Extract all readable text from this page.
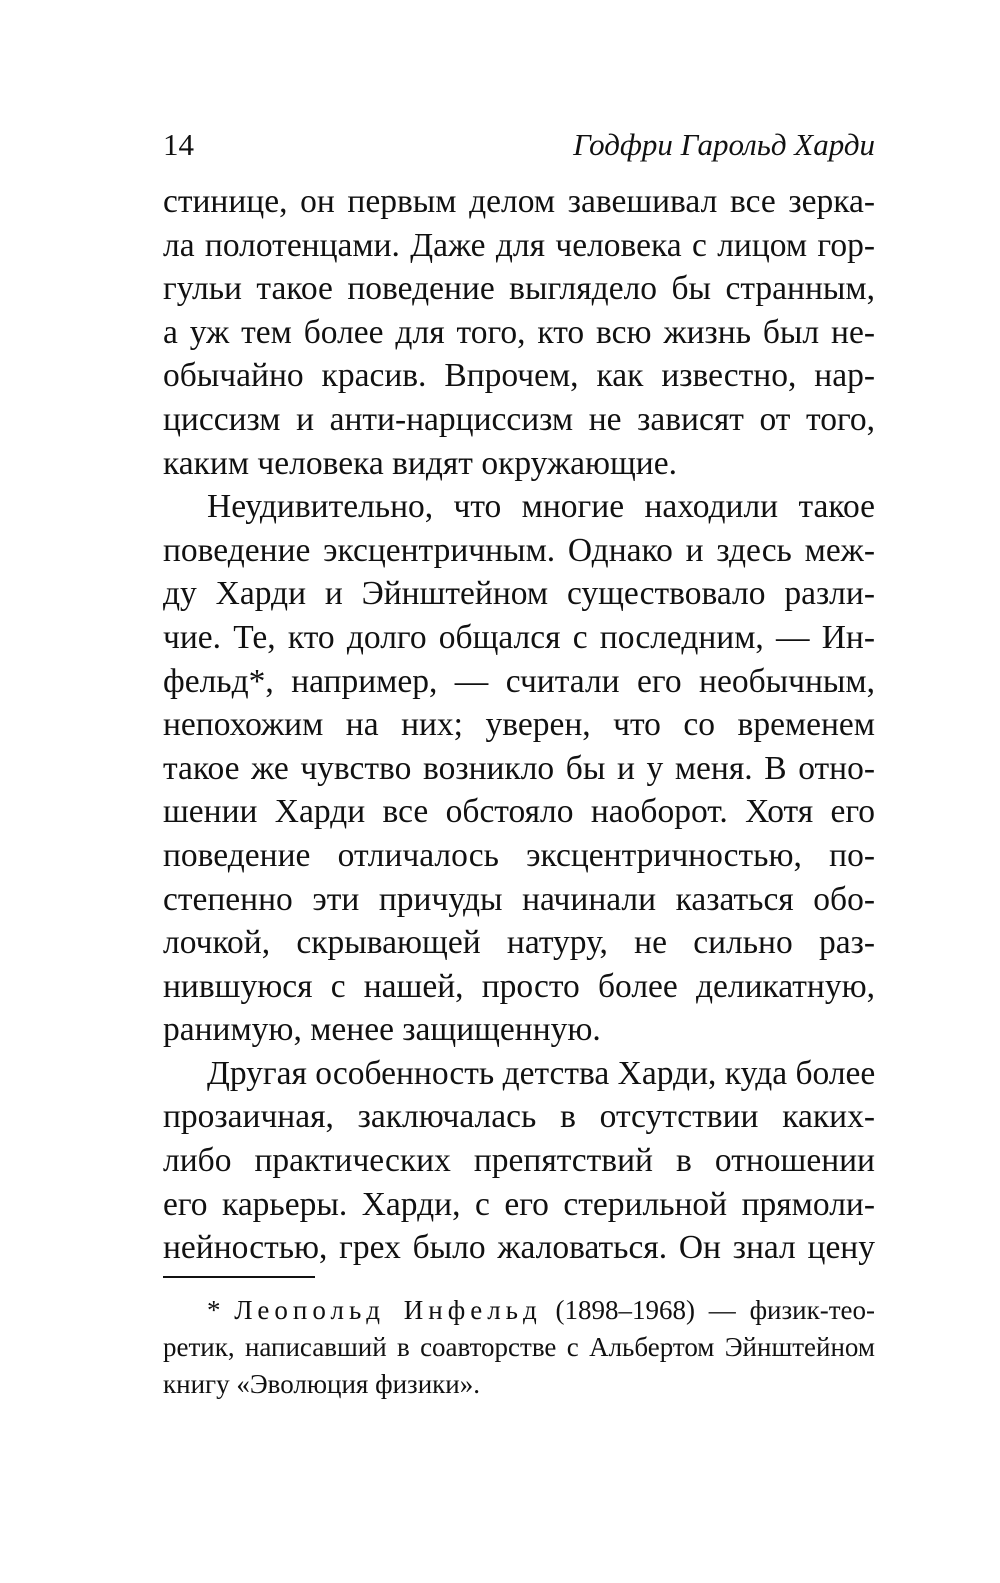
14	Годфри Гарольд Харди
стинице, он первым делом завешивал все зерка-
ла полотенцами. Даже для человека с лицом гор-
гульи такое поведение выглядело бы странным,
а уж тем более для того, кто всю жизнь был не-
обычайно красив. Впрочем, как известно, нар-
циссизм и анти-нарциссизм не зависят от того,
каким человека видят окружающие.
Неудивительно, что многие находили такое
поведение эксцентричным. Однако и здесь меж-
ду Харди и Эйнштейном существовало разли-
чие. Те, кто долго общался с последним, — Ин-
фельд*, например, — считали его необычным,
непохожим на них; уверен, что со временем
такое же чувство возникло бы и у меня. В отно-
шении Харди все обстояло наоборот. Хотя его
поведение отличалось эксцентричностью, по-
степенно эти причуды начинали казаться обо-
лочкой, скрывающей натуру, не сильно раз-
нившуюся с нашей, просто более деликатную,
ранимую, менее защищенную.
Другая особенность детства Харди, куда более
прозаичная, заключалась в отсутствии каких-
либо практических препятствий в отношении
его карьеры. Харди, с его стерильной прямоли-
нейностью, грех было жаловаться. Он знал цену
* Леопольд Инфельд (1898–1968) — физик-тео-
ретик, написавший в соавторстве с Альбертом Эйнштейном
книгу «Эволюция физики».
